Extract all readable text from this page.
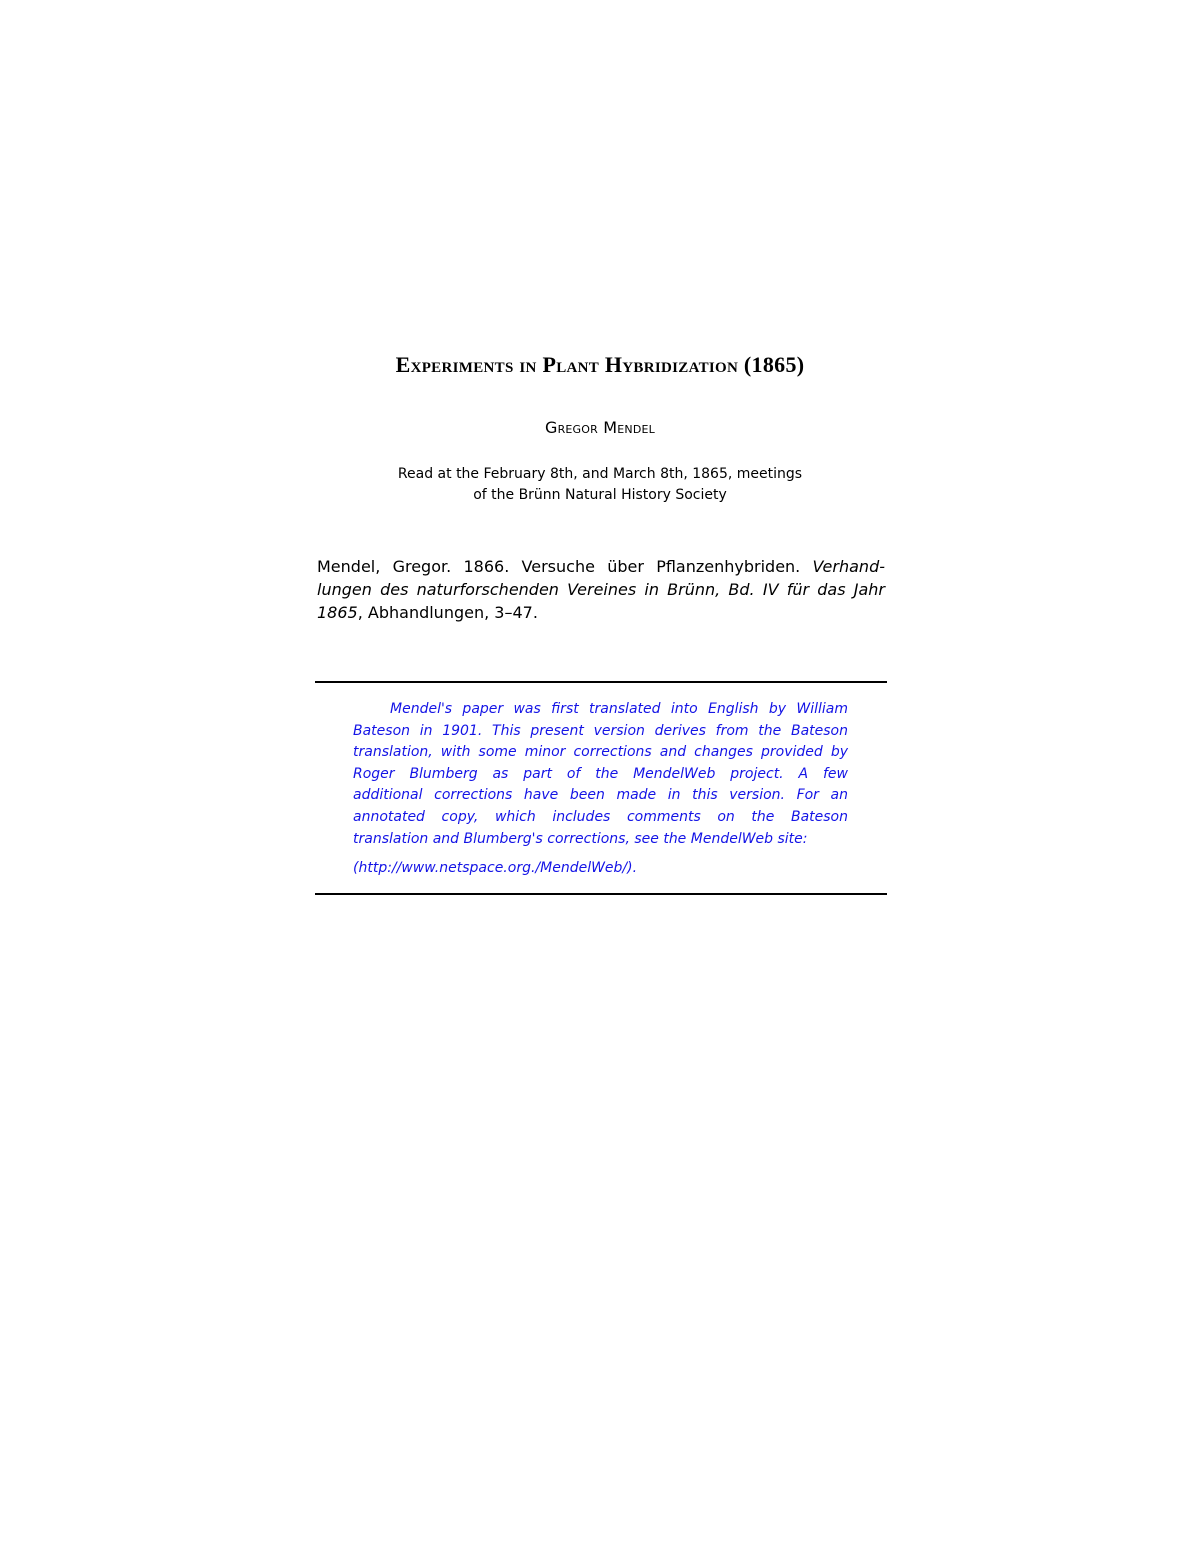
Experiments in Plant Hybridization (1865)
Gregor Mendel
Read at the February 8th, and March 8th, 1865, meetings
of the Brünn Natural History Society
Mendel, Gregor. 1866. Versuche über Pflanzenhybriden. Verhand-
lungen des naturforschenden Vereines in Brünn, Bd. IV für das Jahr
1865, Abhandlungen, 3–47.
Mendel's paper was first translated into English by William
Bateson in 1901. This present version derives from the Bateson
translation, with some minor corrections and changes provided by
Roger Blumberg as part of the MendelWeb project. A few
additional corrections have been made in this version. For an
annotated copy, which includes comments on the Bateson
translation and Blumberg's corrections, see the MendelWeb site:
(http://www.netspace.org./MendelWeb/).
